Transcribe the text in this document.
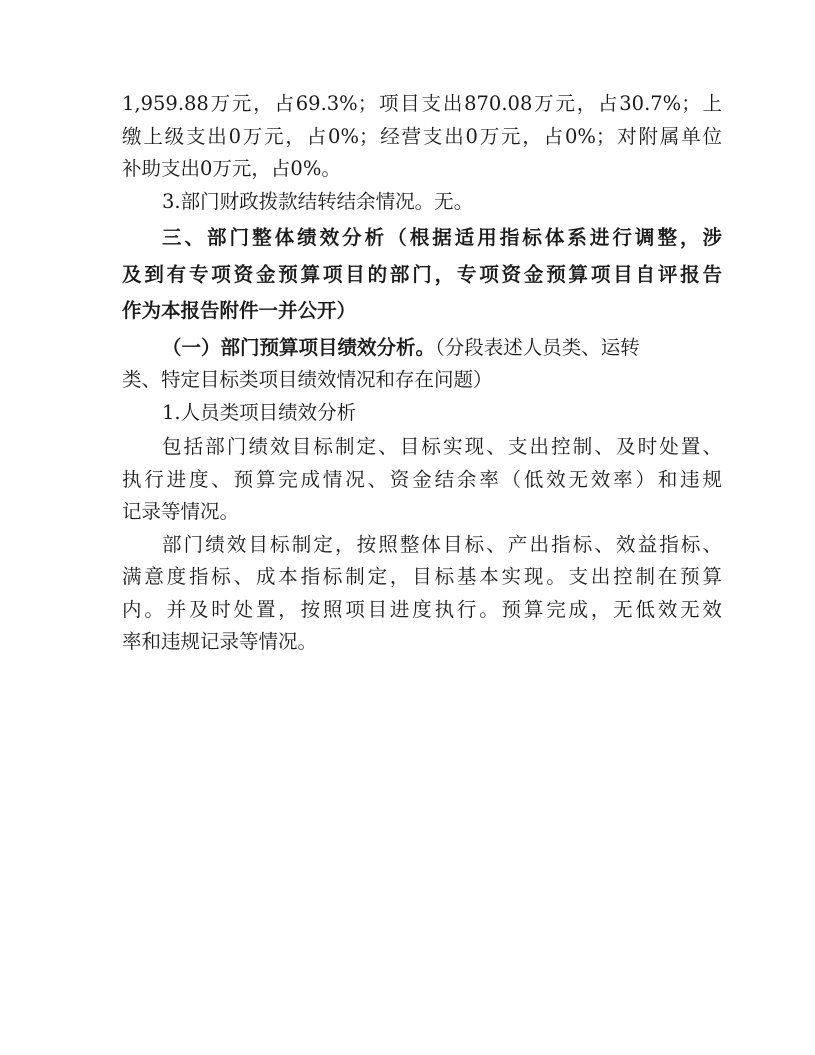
1,959.88万元，占69.3%；项目支出870.08万元，占30.7%；上
缴上级支出0万元，占0%；经营支出0万元，占0%；对附属单位
补助支出0万元，占0%。
3.部门财政拨款结转结余情况。无。
三、部门整体绩效分析（根据适用指标体系进行调整，涉
及到有专项资金预算项目的部门，专项资金预算项目自评报告
作为本报告附件一并公开）
（一）部门预算项目绩效分析。（分段表述人员类、运转
类、特定目标类项目绩效情况和存在问题）
1.人员类项目绩效分析
包括部门绩效目标制定、目标实现、支出控制、及时处置、
执行进度、预算完成情况、资金结余率（低效无效率）和违规
记录等情况。
部门绩效目标制定，按照整体目标、产出指标、效益指标、
满意度指标、成本指标制定，目标基本实现。支出控制在预算
内。并及时处置，按照项目进度执行。预算完成，无低效无效
率和违规记录等情况。
